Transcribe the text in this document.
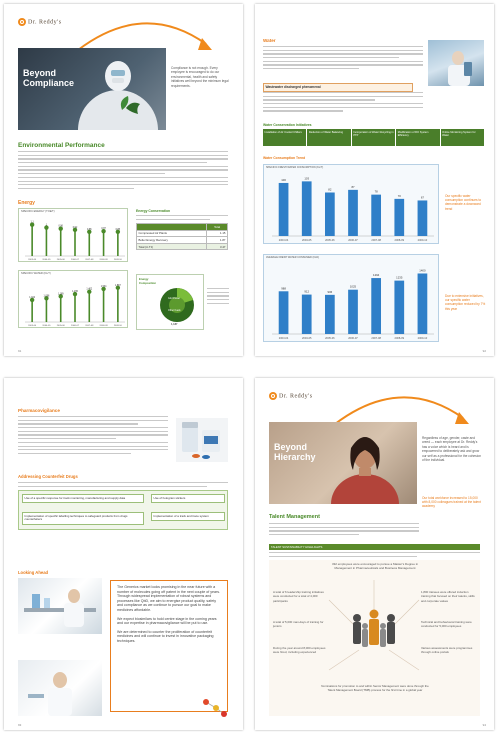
Dr. Reddy's
Beyond
Compliance
Compliance is not enough. Every employee is encouraged to do our environmental, health and safety initiatives well beyond the minimum legal requirements.
Environmental Performance
Energy
SPECIFIC ENERGY (TOE/T)
1.1
2003-04
1
2004-05
0.96
2005-06
0.92
2006-07
0.85
2007-08
0.87
2008-09
0.85
2009-10
Energy Conservation
	Total
Compressed Air Plants	1.15
Boiler Energy Recovery	1.87
Total (in TJ)	3.47
SPECIFIC WATER (KL/T)
1.024
2003-04
1.098
2004-05
1.189
2005-06
1.295
2006-07
1.402
2007-08
1.534
2008-09
1.587
2009-10
Energy Composition
Grid Power
Other Fuels
1,187
91
Water
Wastewater discharged phenomenal
Water Conservation Initiatives
Installation of Air Cooled Chillers	Reduction of Water Balancing	Incorporation of Water Recycling in PTP
Modification of RO System Efficiency
Online Monitoring System for Water
Water Consumption Trend
SPECIFIC FRESH WATER CONSUMPTION (KL/T)
100
2003-04
103
2004-05
82
2005-06
87
2006-07
78
2007-08
70
2008-09
67
2009-10
Our specific water consumption continues to demonstrate a downward trend
AVERAGE FRESH WATER CONSUMED (KLD)
988
2003-04
912
2004-05
906
2005-06
1025
2006-07
1294
2007-08
1235
2008-09
1400
2009-10
Due to extensive initiatives, our specific water consumption reduced by 7% this year
92
Pharmacovigilance
Addressing Counterfeit Drugs
Use of a specific response for track monitoring, manufacturing and supply data	Use of hologram stickers
Implementation of specific labelling techniques to safeguard products from drugs counterfeiters
Implementation of a track and trace system
Looking Ahead
The Generics market looks promising in the near future with a number of molecules going off patent in the next couple of years. Through widespread implementation of robust systems and processes like QbD, we aim to energise product quality, safety and compliance as we continue to pursue our goal to make medicines affordable.
We expect biosimilars to hold centre stage in the coming years and our expertise in pharmacovigilance will be put to use.
We are determined to counter the proliferation of counterfeit medicines and will continue to invest in innovative packaging techniques.
93
Dr. Reddy's
Beyond
Hierarchy
Regardless of age, gender, caste and creed — each employee at Dr. Reddy's has a voice which is heard and is empowered to deliberately ask and grow our self as a professional for the cohesion of the individual.
Our total workforce increased to 15,000 with 8,000 colleagues trained at the talent academy
Talent Management
TALENT SUSTAINABILITY HIGHLIGHTS
332 employees were encouraged to pursue a Master's Degree in Management in Pharmaceuticals and Business Management
A total of 6 leadership training initiatives were conducted for a total of 4,000 participants
A total of 5,000 man-days of training for juniors
During the year around 8,000 employees were hired, including experienced
1,800 trainees were offered induction training that focused on their talents, skills and corporate values
Technical and behavioural training were conducted for 5,000 employees
Various assessments were programmes through online portals
Nominations for promotion to and within Senior Management were done through the Talent Management Board (TMB) process for the first time in a global year
94
